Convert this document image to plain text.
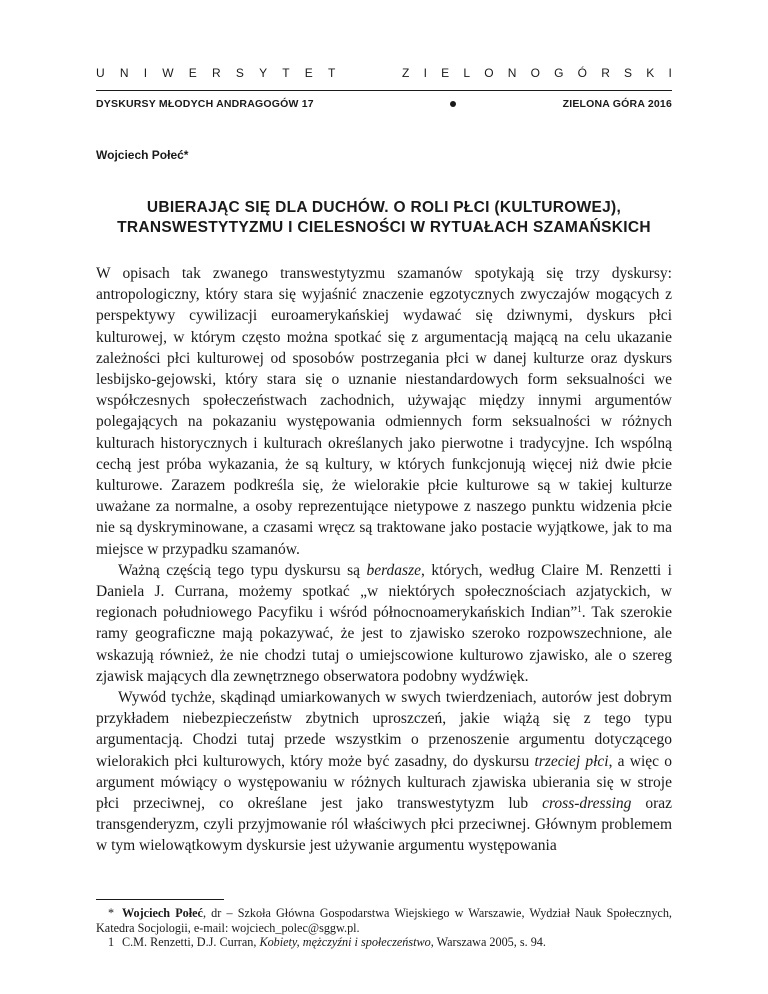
UNIWERSYTET	ZIELONOGÓRSKI
DYSKURSY MŁODYCH ANDRAGOGÓW 17	ZIELONA GÓRA 2016
Wojciech Połeć*
UBIERAJĄC SIĘ DLA DUCHÓW. O ROLI PŁCI (KULTUROWEJ),
TRANSWESTYTYZMU I CIELESNOŚCI W RYTUAŁACH SZAMAŃSKICH

W opisach tak zwanego transwestytyzmu szamanów spotykają się trzy dyskursy: antropologiczny, który stara się wyjaśnić znaczenie egzotycznych zwyczajów mogących z perspektywy cywilizacji euroamerykańskiej wydawać się dziwnymi, dyskurs płci kulturowej, w którym często można spotkać się z argumentacją mającą na celu ukazanie zależności płci kulturowej od sposobów postrzegania płci w danej kulturze oraz dyskurs lesbijsko-gejowski, który stara się o uznanie niestandardowych form seksualności we współczesnych społeczeństwach zachodnich, używając między innymi argumentów polegających na pokazaniu występowania odmiennych form seksualności w różnych kulturach historycznych i kulturach określanych jako pierwotne i tradycyjne. Ich wspólną cechą jest próba wykazania, że są kultury, w których funkcjonują więcej niż dwie płcie kulturowe. Zarazem podkreśla się, że wielorakie płcie kulturowe są w takiej kulturze uważane za normalne, a osoby reprezentujące nietypowe z naszego punktu widzenia płcie nie są dyskryminowane, a czasami wręcz są traktowane jako postacie wyjątkowe, jak to ma miejsce w przypadku szamanów.

Ważną częścią tego typu dyskursu są berdasze, których, według Claire M. Renzetti i Daniela J. Currana, możemy spotkać „w niektórych społecznościach azjatyckich, w regionach południowego Pacyfiku i wśród północnoamerykańskich Indian”$^1$. Tak szerokie ramy geograficzne mają pokazywać, że jest to zjawisko szeroko rozpowszechnione, ale wskazują również, że nie chodzi tutaj o umiejscowione kulturowo zjawisko, ale o szereg zjawisk mających dla zewnętrznego obserwatora podobny wydźwięk.

Wywód tychże, skądinąd umiarkowanych w swych twierdzeniach, autorów jest dobrym przykładem niebezpieczeństw zbytnich uproszczeń, jakie wiążą się z tego typu argumentacją. Chodzi tutaj przede wszystkim o przenoszenie argumentu dotyczącego wielorakich płci kulturowych, który może być zasadny, do dyskursu trzeciej płci, a więc o argument mówiący o występowaniu w różnych kulturach zjawiska ubierania się w stroje płci przeciwnej, co określane jest jako transwestytyzm lub cross-dressing oraz transgenderyzm, czyli przyjmowanie ról właściwych płci przeciwnej. Głównym problemem w tym wielowątkowym dyskursie jest używanie argumentu występowania

* Wojciech Połeć, dr – Szkoła Główna Gospodarstwa Wiejskiego w Warszawie, Wydział Nauk Społecznych, Katedra Socjologii, e-mail: wojciech_polec@sggw.pl.

1 C.M. Renzetti, D.J. Curran, Kobiety, mężczyźni i społeczeństwo, Warszawa 2005, s. 94.
